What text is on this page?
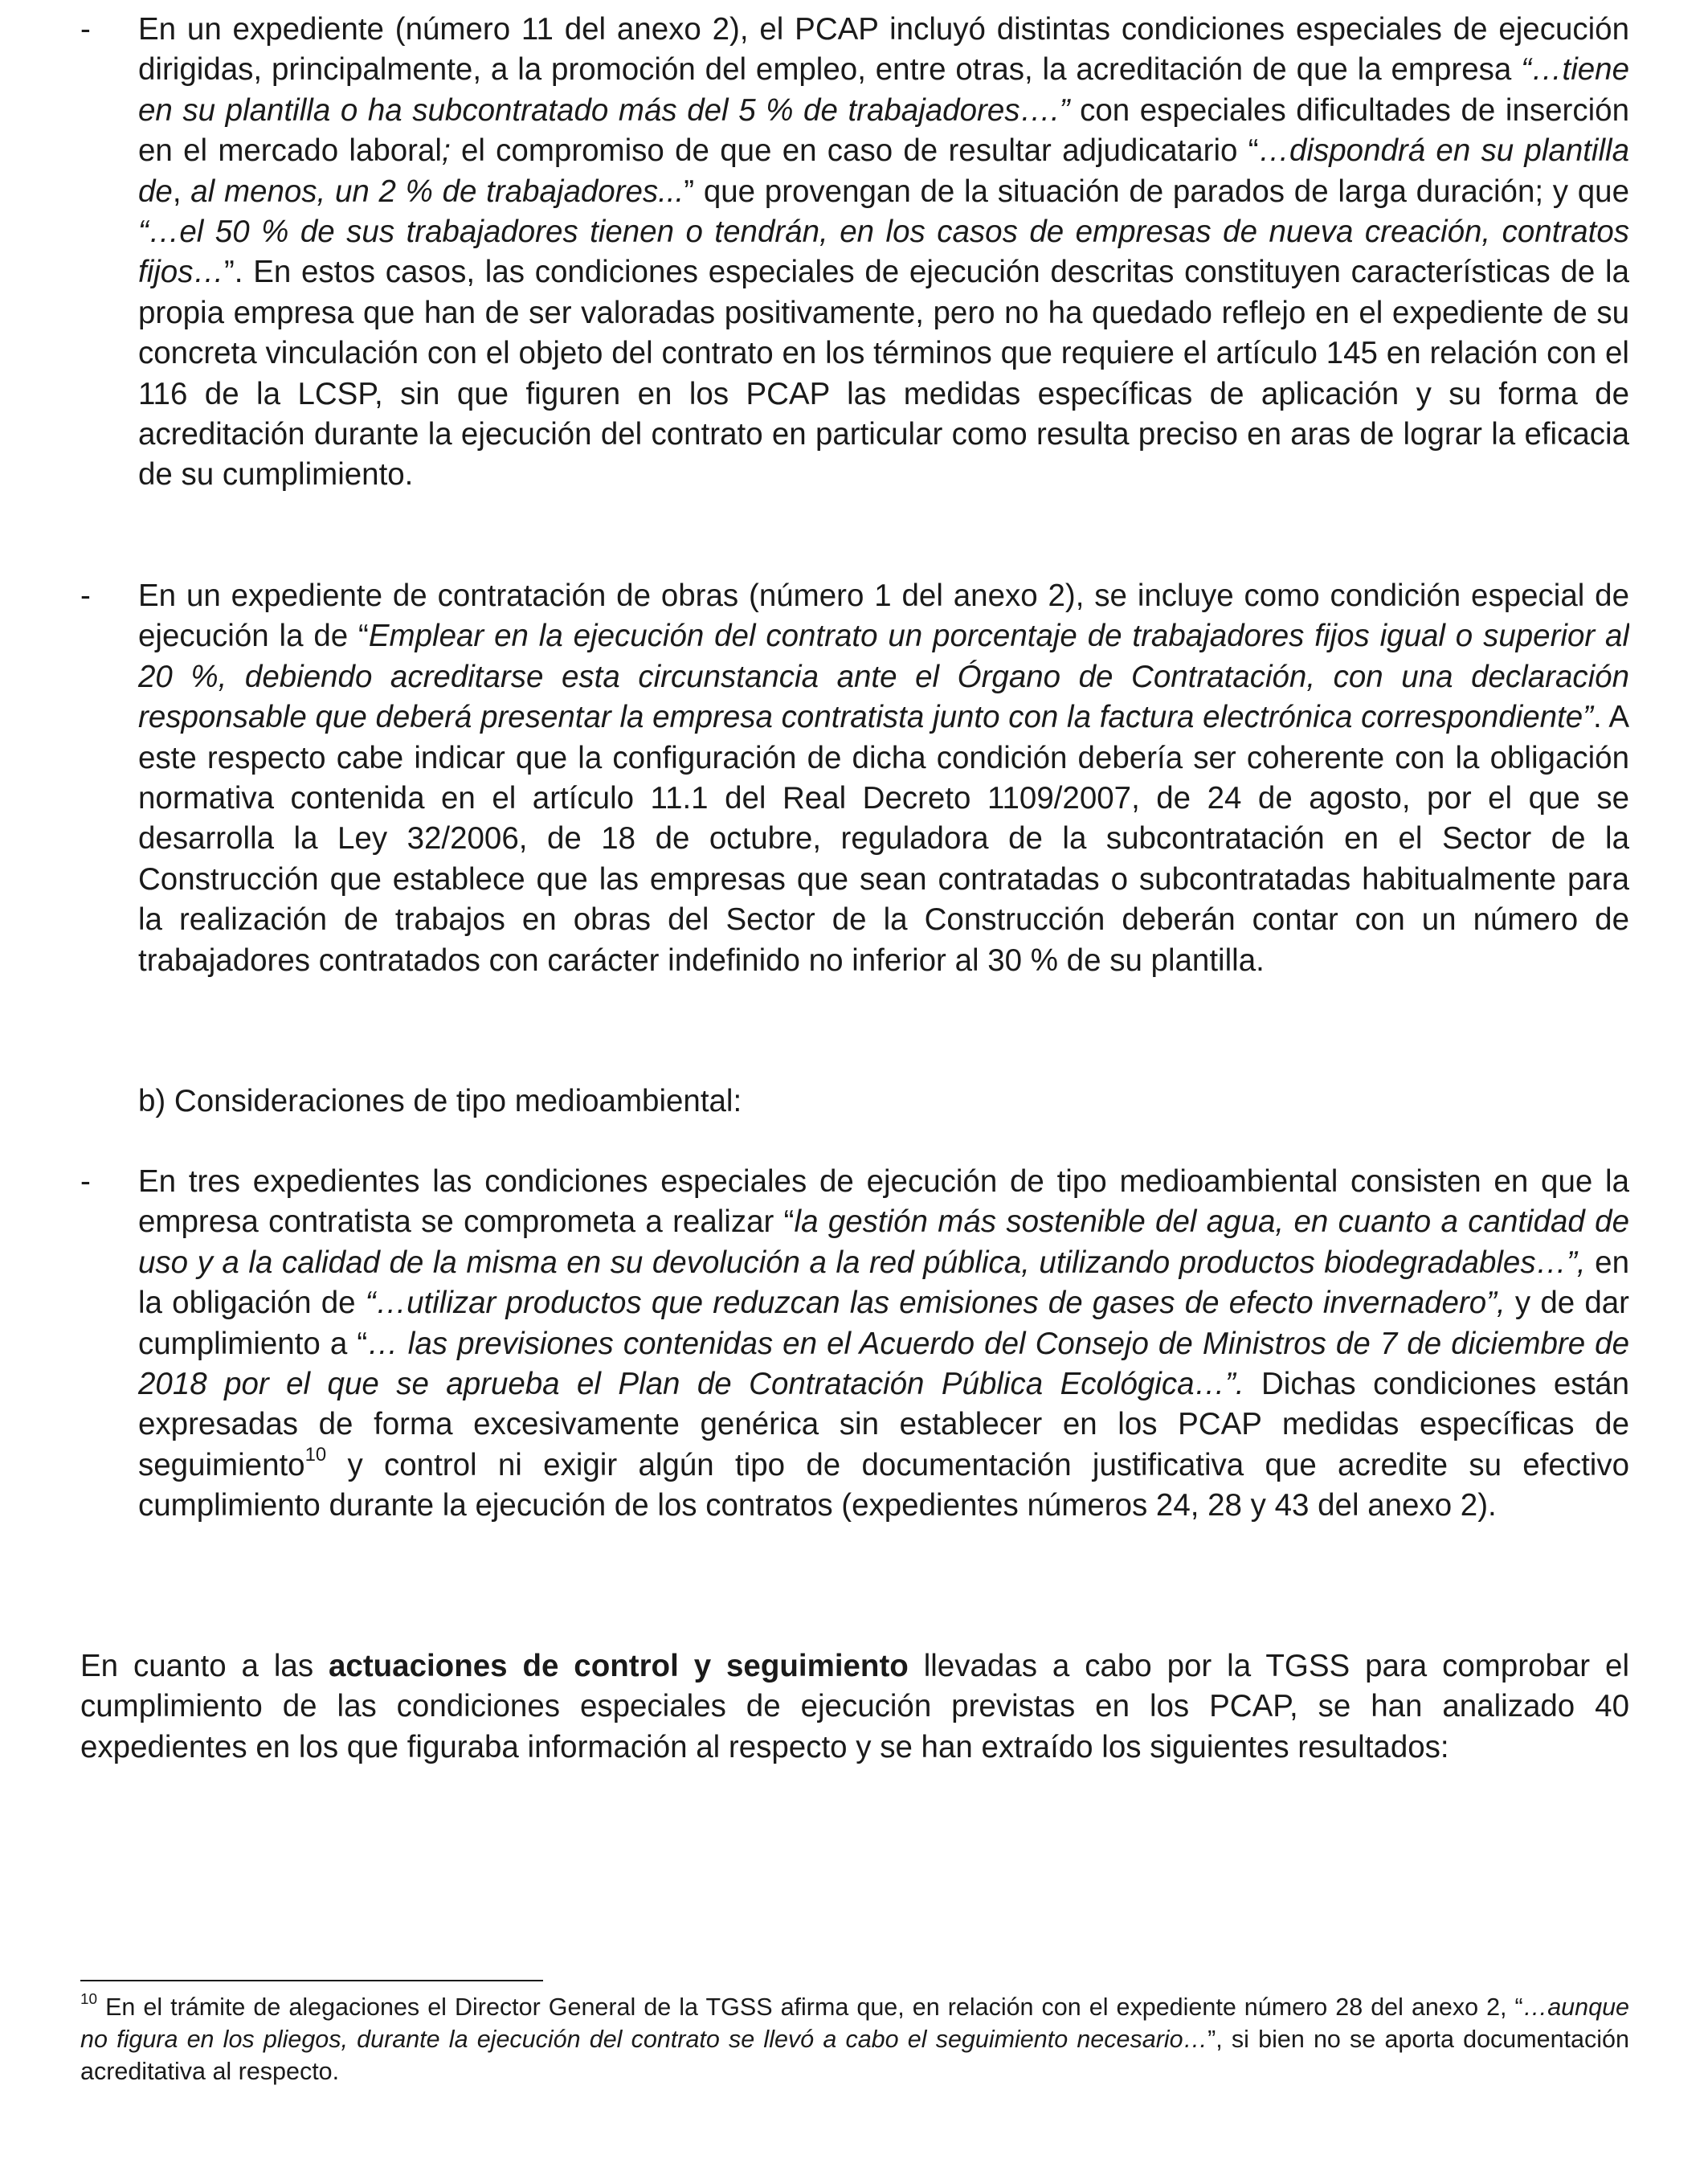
-	En un expediente (número 11 del anexo 2), el PCAP incluyó distintas condiciones especiales de ejecución dirigidas, principalmente, a la promoción del empleo, entre otras, la acreditación de que la empresa “…tiene en su plantilla o ha subcontratado más del 5 % de trabajadores….” con especiales dificultades de inserción en el mercado laboral; el compromiso de que en caso de resultar adjudicatario “…dispondrá en su plantilla de, al menos, un 2 % de trabajadores...” que provengan de la situación de parados de larga duración; y que “…el 50 % de sus trabajadores tienen o tendrán, en los casos de empresas de nueva creación, contratos fijos…”. En estos casos, las condiciones especiales de ejecución descritas constituyen características de la propia empresa que han de ser valoradas positivamente, pero no ha quedado reflejo en el expediente de su concreta vinculación con el objeto del contrato en los términos que requiere el artículo 145 en relación con el 116 de la LCSP, sin que figuren en los PCAP las medidas específicas de aplicación y su forma de acreditación durante la ejecución del contrato en particular como resulta preciso en aras de lograr la eficacia de su cumplimiento.

-	En un expediente de contratación de obras (número 1 del anexo 2), se incluye como condición especial de ejecución la de “Emplear en la ejecución del contrato un porcentaje de trabajadores fijos igual o superior al 20 %, debiendo acreditarse esta circunstancia ante el Órgano de Contratación, con una declaración responsable que deberá presentar la empresa contratista junto con la factura electrónica correspondiente”. A este respecto cabe indicar que la configuración de dicha condición debería ser coherente con la obligación normativa contenida en el artículo 11.1 del Real Decreto 1109/2007, de 24 de agosto, por el que se desarrolla la Ley 32/2006, de 18 de octubre, reguladora de la subcontratación en el Sector de la Construcción que establece que las empresas que sean contratadas o subcontratadas habitualmente para la realización de trabajos en obras del Sector de la Construcción deberán contar con un número de trabajadores contratados con carácter indefinido no inferior al 30 % de su plantilla.

b) Consideraciones de tipo medioambiental:
-	En tres expedientes las condiciones especiales de ejecución de tipo medioambiental consisten en que la empresa contratista se comprometa a realizar “la gestión más sostenible del agua, en cuanto a cantidad de uso y a la calidad de la misma en su devolución a la red pública, utilizando productos biodegradables…”, en la obligación de “…utilizar productos que reduzcan las emisiones de gases de efecto invernadero”, y de dar cumplimiento a “… las previsiones contenidas en el Acuerdo del Consejo de Ministros de 7 de diciembre de 2018 por el que se aprueba el Plan de Contratación Pública Ecológica…”. Dichas condiciones están expresadas de forma excesivamente genérica sin establecer en los PCAP medidas específicas de seguimiento$^{10}$ y control ni exigir algún tipo de documentación justificativa que acredite su efectivo cumplimiento durante la ejecución de los contratos (expedientes números 24, 28 y 43 del anexo 2).

En cuanto a las actuaciones de control y seguimiento llevadas a cabo por la TGSS para comprobar el cumplimiento de las condiciones especiales de ejecución previstas en los PCAP, se han analizado 40 expedientes en los que figuraba información al respecto y se han extraído los siguientes resultados:

$^{10}$ En el trámite de alegaciones el Director General de la TGSS afirma que, en relación con el expediente número 28 del anexo 2, “…aunque no figura en los pliegos, durante la ejecución del contrato se llevó a cabo el seguimiento necesario…”, si bien no se aporta documentación acreditativa al respecto.
